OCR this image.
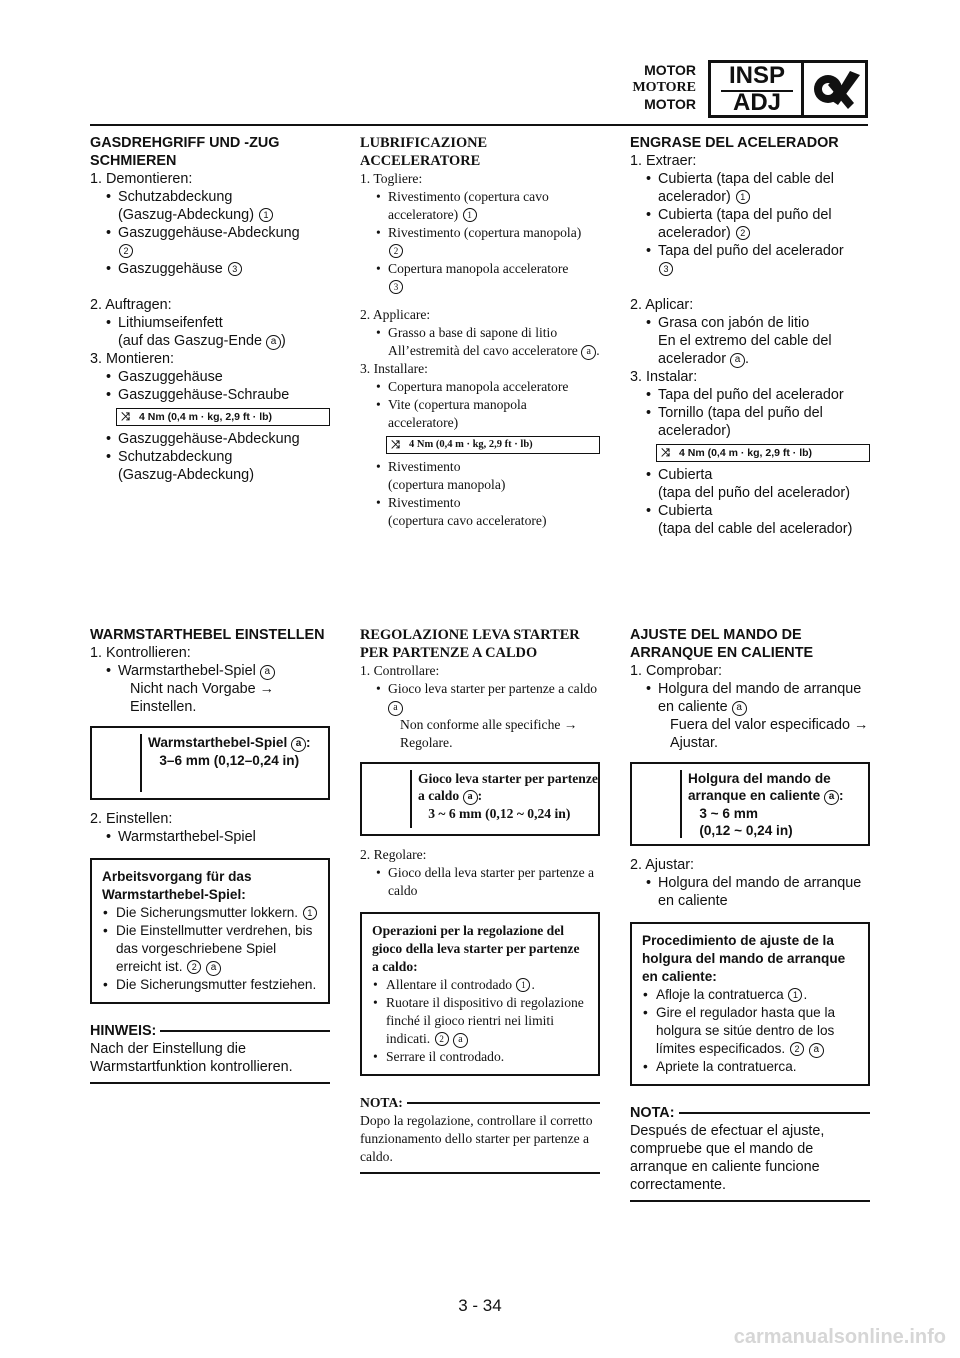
MOTOR
MOTORE
MOTOR
INSP
ADJ
GASDREHGRIFF UND -ZUG SCHMIEREN
1. Demontieren:
• Schutzabdeckung
(Gaszug-Abdeckung) 1
• Gaszuggehäuse-Abdeckung
2
• Gaszuggehäuse 3
2. Auftragen:
• Lithiumseifenfett
(auf das Gaszug-Ende a )
3. Montieren:
• Gaszuggehäuse
• Gaszuggehäuse-Schraube
⤨ 4 Nm (0,4 m · kg, 2,9 ft · lb)
• Gaszuggehäuse-Abdeckung
• Schutzabdeckung
(Gaszug-Abdeckung)
LUBRIFICAZIONE ACCELERATORE
1. Togliere:
• Rivestimento (copertura cavo acceleratore) 1
• Rivestimento (copertura manopola) 2
• Copertura manopola acceleratore
3
2. Applicare:
• Grasso a base di sapone di litio
All’estremità del cavo acceleratore a .
3. Installare:
• Copertura manopola acceleratore
• Vite (copertura manopola acceleratore)
⤨ 4 Nm (0,4 m · kg, 2,9 ft · lb)
• Rivestimento
(copertura manopola)
• Rivestimento
(copertura cavo acceleratore)
ENGRASE DEL ACELERADOR
1. Extraer:
• Cubierta (tapa del cable del acelerador) 1
• Cubierta (tapa del puño del acelerador) 2
• Tapa del puño del acelerador
3
2. Aplicar:
• Grasa con jabón de litio
En el extremo del cable del acelerador a .
3. Instalar:
• Tapa del puño del acelerador
• Tornillo (tapa del puño del acelerador)
⤨ 4 Nm (0,4 m · kg, 2,9 ft · lb)
• Cubierta
(tapa del puño del acelerador)
• Cubierta
(tapa del cable del acelerador)
WARMSTARTHEBEL EINSTELLEN
1. Kontrollieren:
• Warmstarthebel-Spiel a
Nicht nach Vorgabe → Einstellen.
Warmstarthebel-Spiel a :
3–6 mm (0,12–0,24 in)
2. Einstellen:
• Warmstarthebel-Spiel
Arbeitsvorgang für das Warmstarthebel-Spiel:
• Die Sicherungsmutter lokkern. 1
• Die Einstellmutter verdrehen, bis das vorgeschriebene Spiel erreicht ist. 2 a
• Die Sicherungsmutter festziehen.
HINWEIS:
Nach der Einstellung die Warmstartfunktion kontrollieren.
REGOLAZIONE LEVA STARTER PER PARTENZE A CALDO
1. Controllare:
• Gioco leva starter per partenze a caldo a
Non conforme alle specifiche → Regolare.
Gioco leva starter per partenze a caldo a :
3 ~ 6 mm (0,12 ~ 0,24 in)
2. Regolare:
• Gioco della leva starter per partenze a caldo
Operazioni per la regolazione del gioco della leva starter per partenze a caldo:
• Allentare il controdado 1 .
• Ruotare il dispositivo di regolazione finché il gioco rientri nei limiti indicati. 2 a
• Serrare il controdado.
NOTA:
Dopo la regolazione, controllare il corretto funzionamento dello starter per partenze a caldo.
AJUSTE DEL MANDO DE ARRANQUE EN CALIENTE
1. Comprobar:
• Holgura del mando de arranque en caliente a
Fuera del valor especificado → Ajustar.
Holgura del mando de arranque en caliente a :
3 ~ 6 mm
(0,12 ~ 0,24 in)
2. Ajustar:
• Holgura del mando de arranque en caliente
Procedimiento de ajuste de la holgura del mando de arranque en caliente:
• Afloje la contratuerca 1 .
• Gire el regulador hasta que la holgura se sitúe dentro de los límites especificados. 2 a
• Apriete la contratuerca.
NOTA:
Después de efectuar el ajuste, compruebe que el mando de arranque en caliente funcione correctamente.
3 - 34
carmanualsonline.info
